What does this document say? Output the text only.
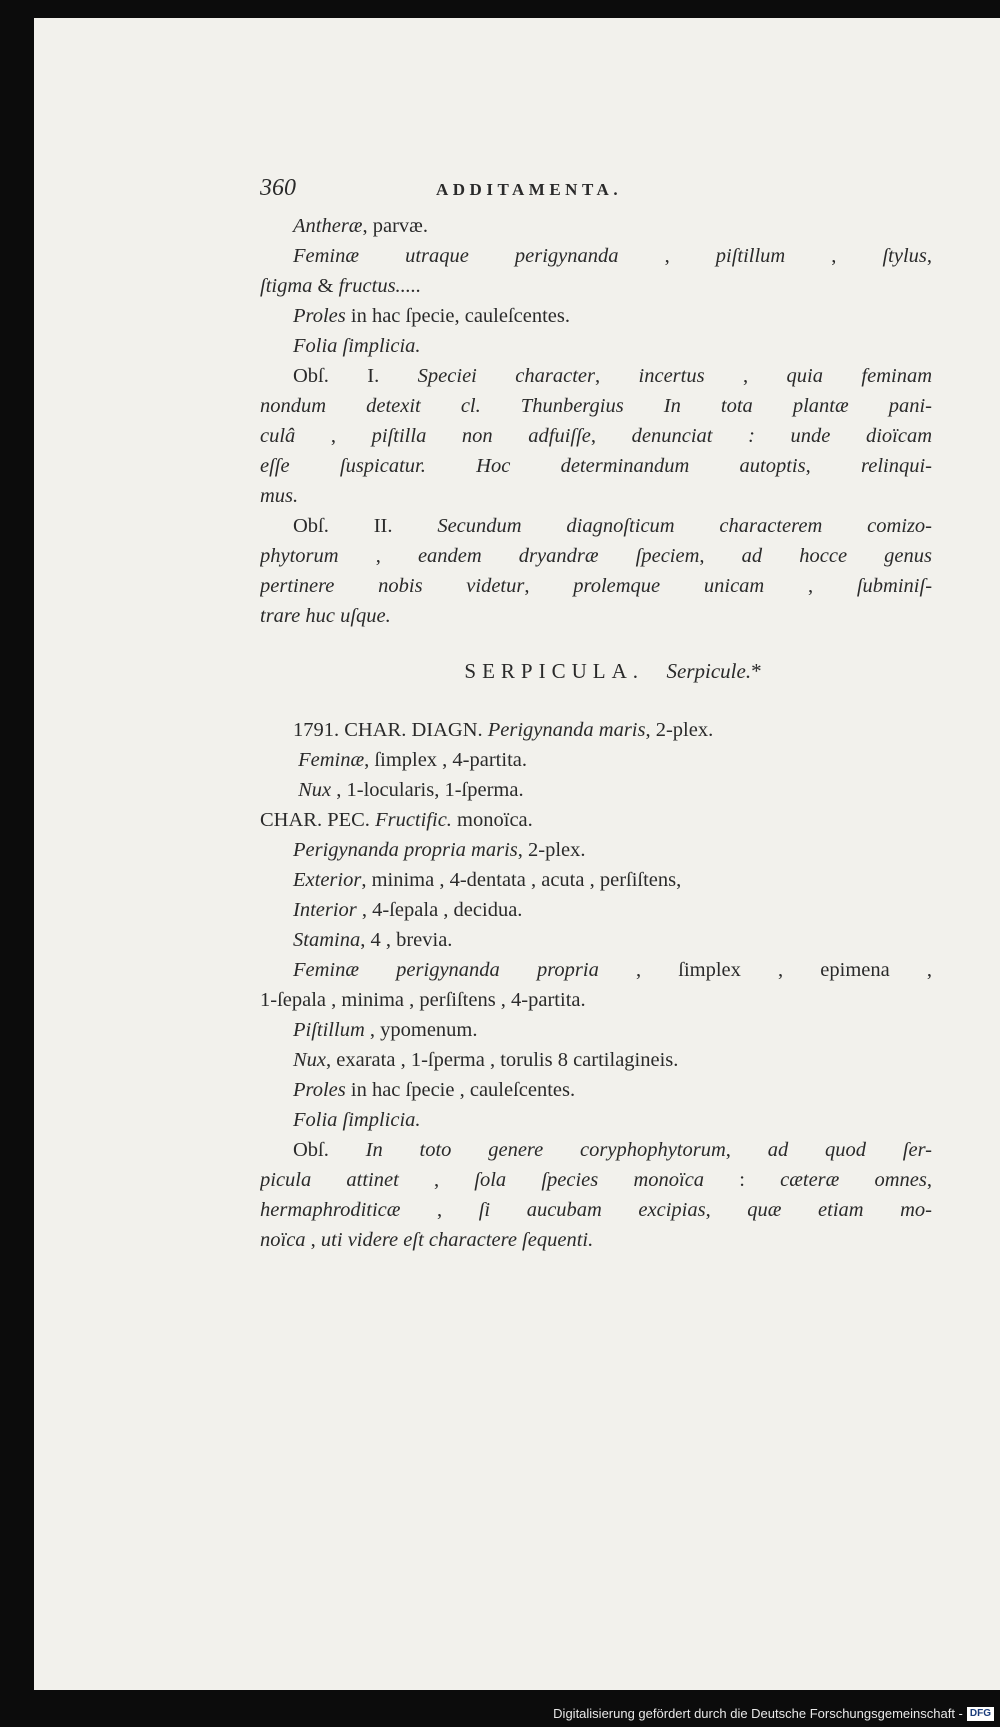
360	ADDITAMENTA.
Antheræ, parvæ.
Feminæ utraque perigynanda , piſtillum , ſtylus,
ſtigma & fructus.....
Proles in hac ſpecie, cauleſcentes.
Folia ſimplicia.
Obſ. I. Speciei character, incertus , quia feminam
nondum detexit cl. Thunbergius In tota plantæ pani-
culâ , piſtilla non adfuiſſe, denunciat : unde dioïcam
eſſe ſuspicatur. Hoc determinandum autoptis, relinqui-
mus.
Obſ. II. Secundum diagnoſticum characterem comizo-
phytorum , eandem dryandræ ſpeciem, ad hocce genus
pertinere nobis videtur, prolemque unicam , ſubminiſ-
trare huc uſque.
SERPICULA.  Serpicule.*
1791. CHAR. DIAGN. Perigynanda maris, 2-plex.
Feminæ, ſimplex , 4-partita.
Nux , 1-locularis, 1-ſperma.
CHAR. PEC. Fructific. monoïca.
Perigynanda propria maris, 2-plex.
Exterior, minima , 4-dentata , acuta , perſiſtens,
Interior , 4-ſepala , decidua.
Stamina, 4 , brevia.
Feminæ perigynanda propria , ſimplex , epimena ,
1-ſepala , minima , perſiſtens , 4-partita.
Piſtillum , ypomenum.
Nux, exarata , 1-ſperma , torulis 8 cartilagineis.
Proles in hac ſpecie , cauleſcentes.
Folia ſimplicia.
Obſ. In toto genere coryphophytorum, ad quod ſer-
picula attinet , ſola ſpecies monoïca : cæteræ omnes,
hermaphroditicæ , ſi aucubam excipias, quæ etiam mo-
noïca , uti videre eſt charactere ſequenti.
Digitalisierung gefördert durch die Deutsche Forschungsgemeinschaft - DFG
